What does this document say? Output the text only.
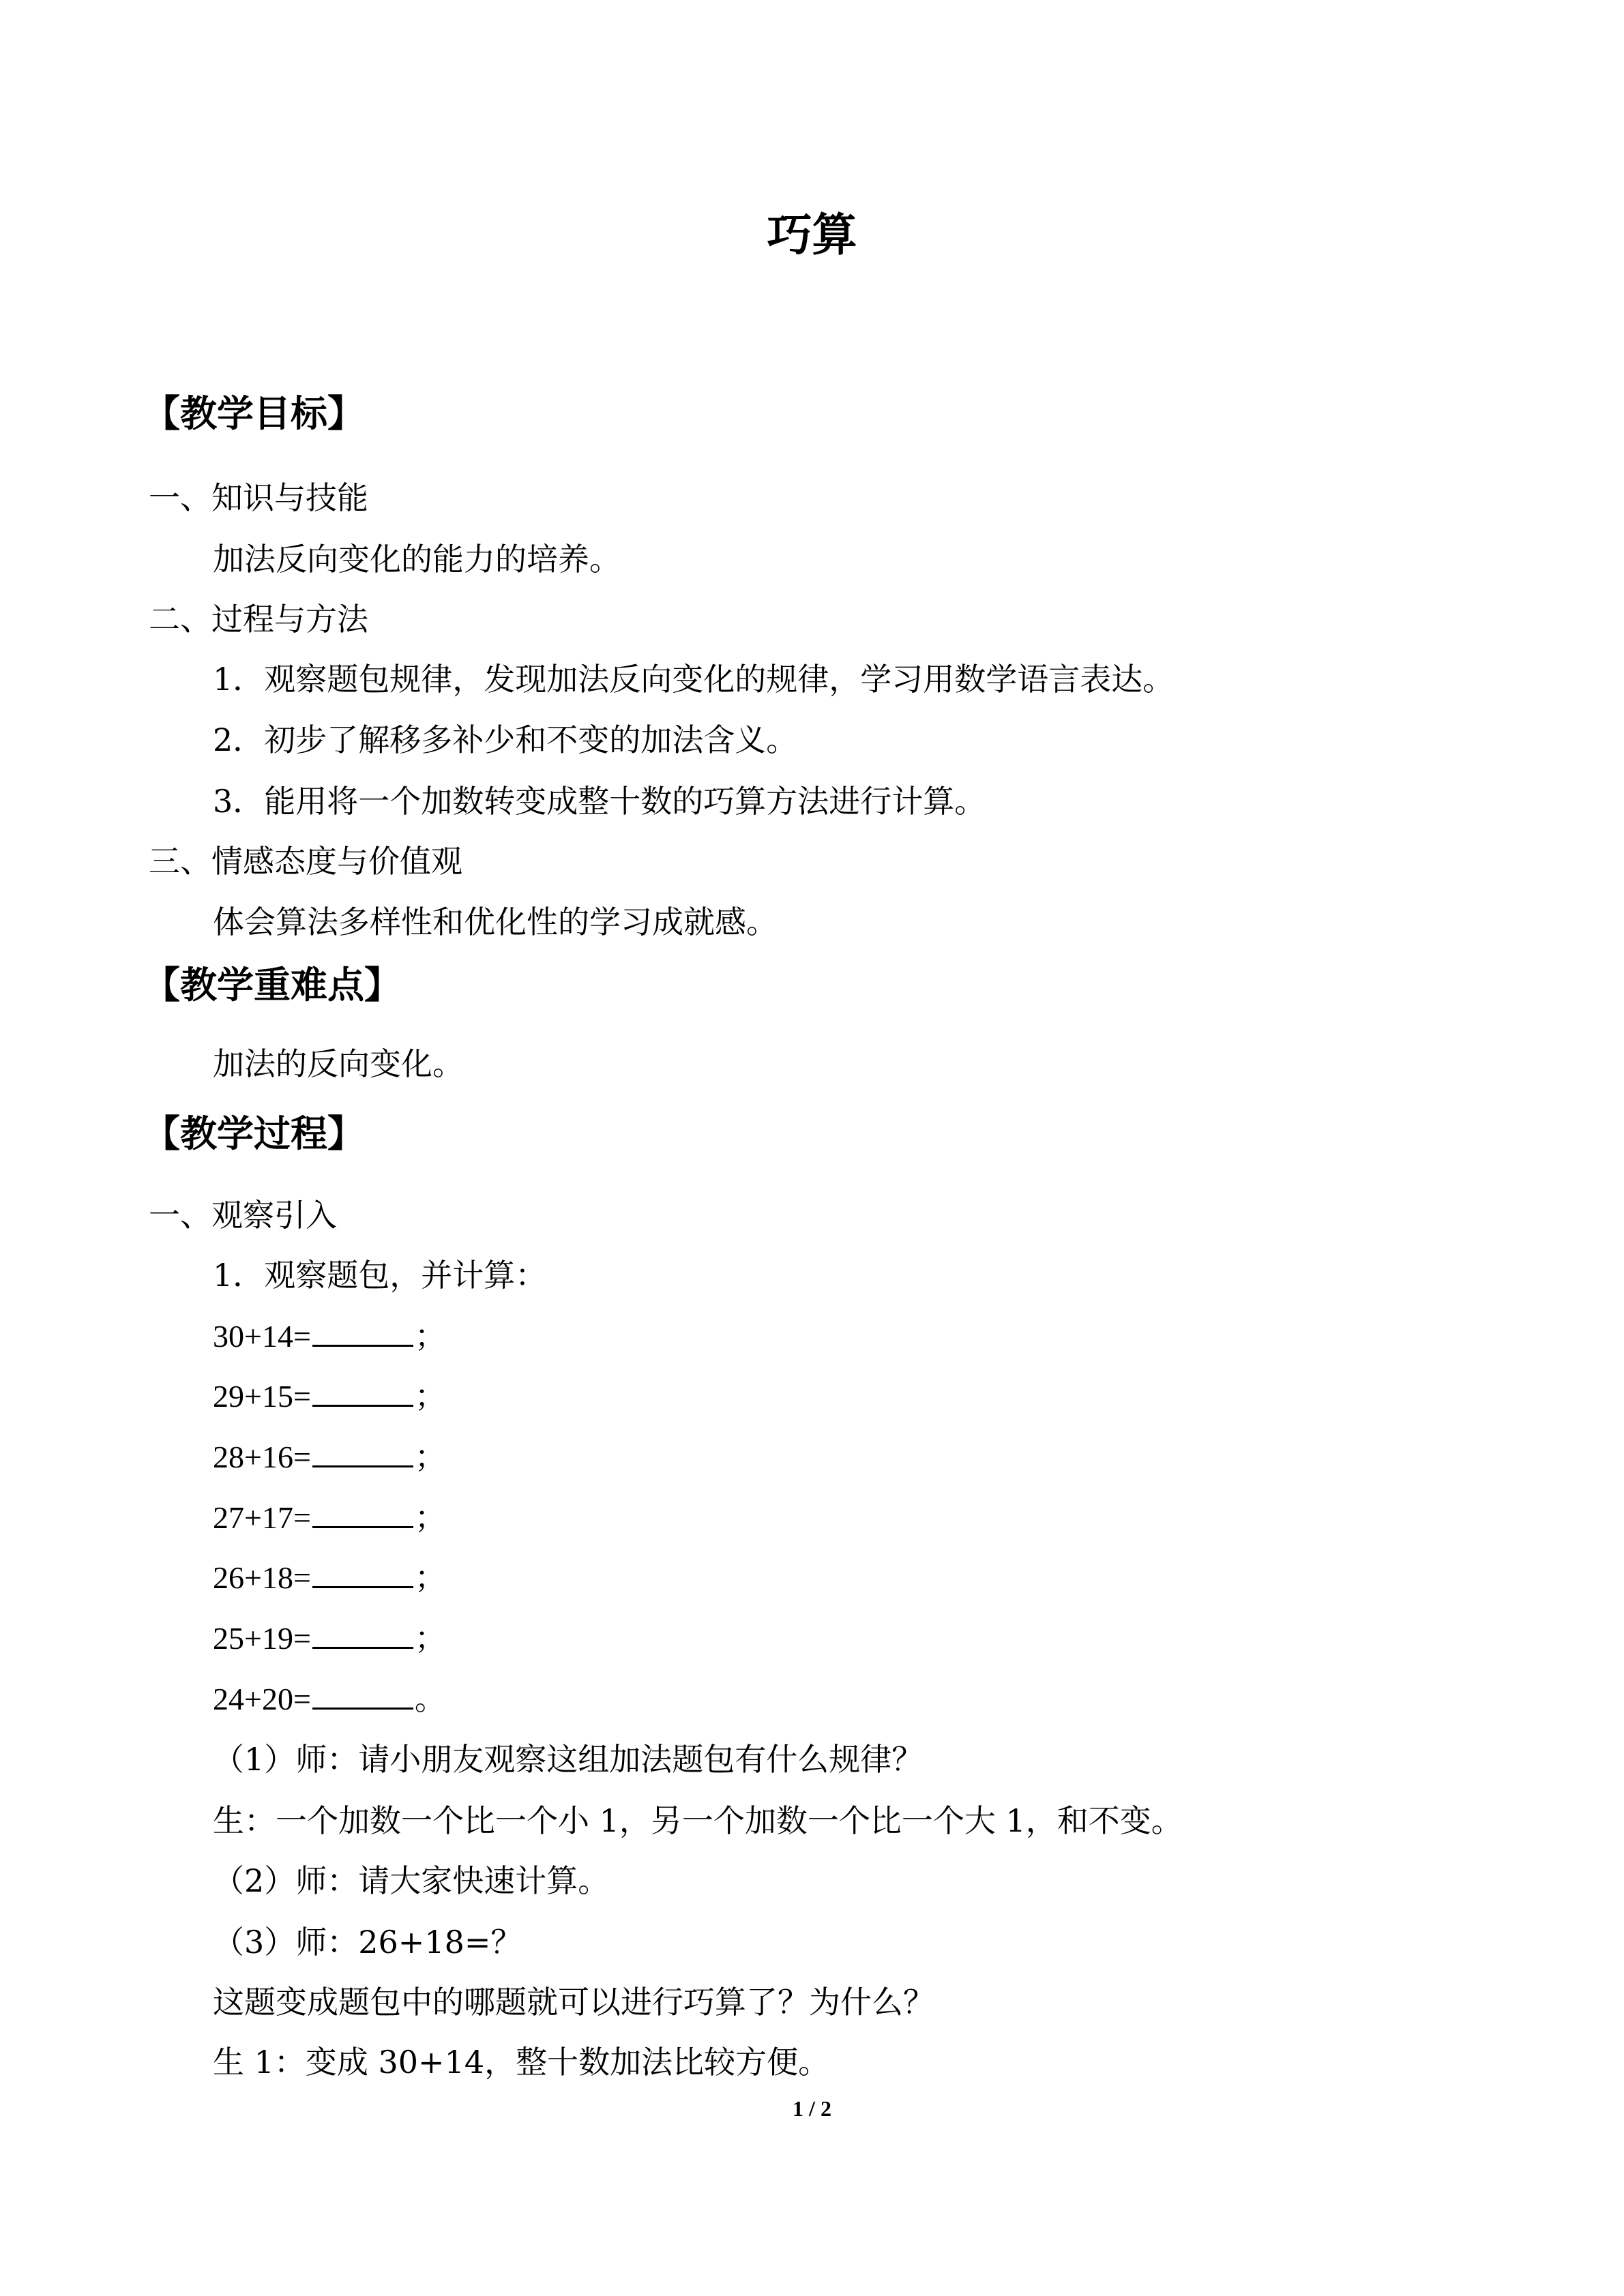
巧算
【教学目标】
一、知识与技能
加法反向变化的能力的培养。
二、过程与方法
1．观察题包规律，发现加法反向变化的规律，学习用数学语言表达。
2．初步了解移多补少和不变的加法含义。
3．能用将一个加数转变成整十数的巧算方法进行计算。
三、情感态度与价值观
体会算法多样性和优化性的学习成就感。
【教学重难点】
加法的反向变化。
【教学过程】
一、观察引入
1．观察题包，并计算：
30+14=	；
29+15=	；
28+16=	；
27+17=	；
26+18=	；
25+19=	；
24+20=	。
（1）师：请小朋友观察这组加法题包有什么规律？
生：一个加数一个比一个小 1，另一个加数一个比一个大 1，和不变。
（2）师：请大家快速计算。
（3）师：26+18=？
这题变成题包中的哪题就可以进行巧算了？为什么？
生 1：变成 30+14，整十数加法比较方便。
1 / 2
